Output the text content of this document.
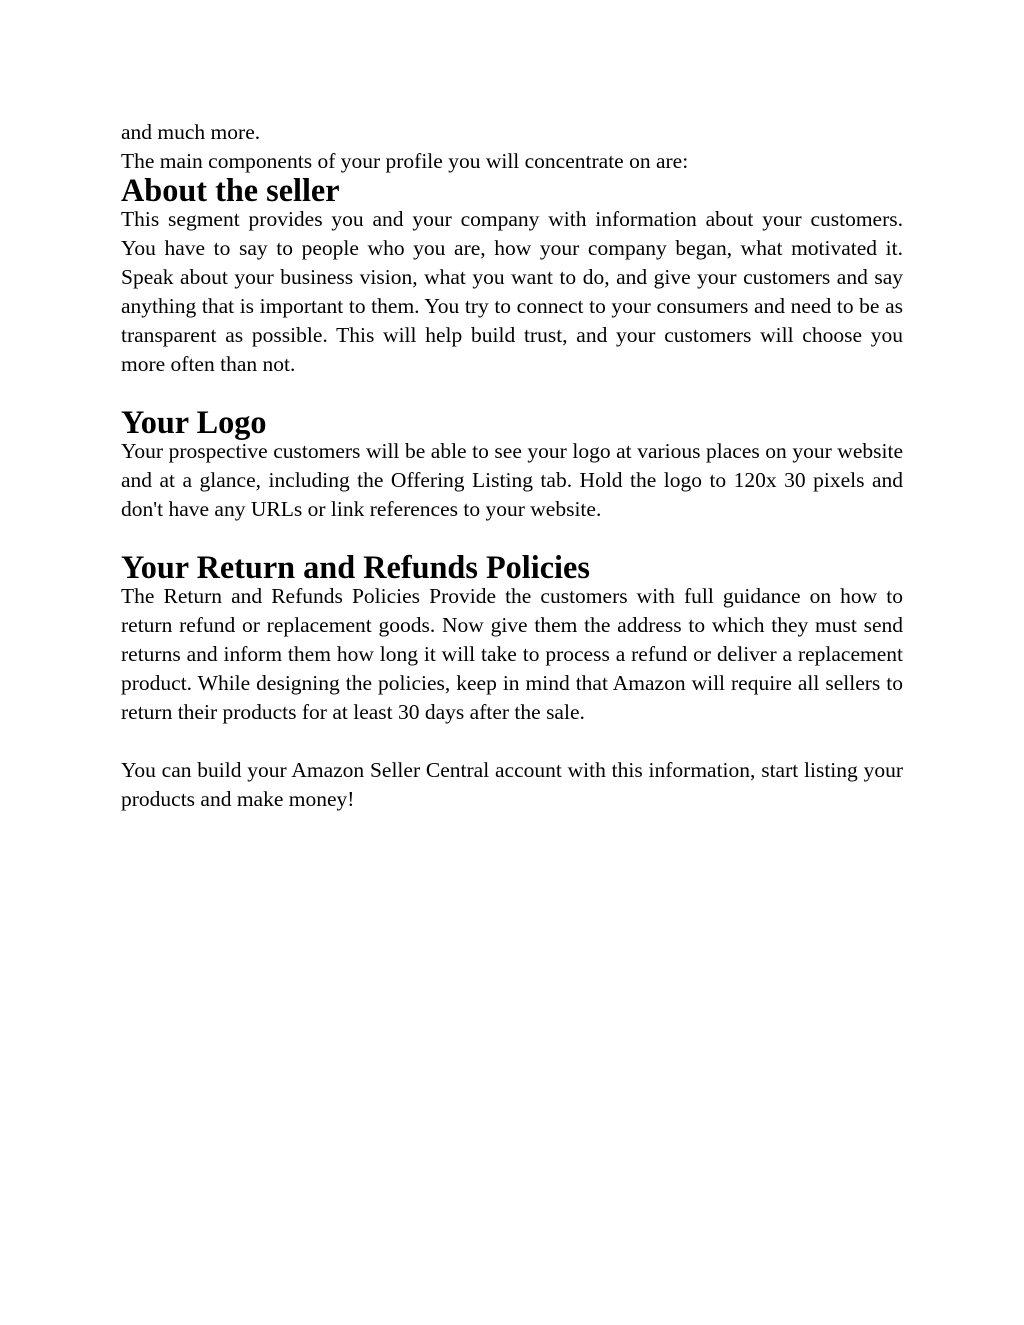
and much more.

The main components of your profile you will concentrate on are:

About the seller

This segment provides you and your company with information about your customers. You have to say to people who you are, how your company began, what motivated it. Speak about your business vision, what you want to do, and give your customers and say anything that is important to them. You try to connect to your consumers and need to be as transparent as possible. This will help build trust, and your customers will choose you more often than not.

Your Logo

Your prospective customers will be able to see your logo at various places on your website and at a glance, including the Offering Listing tab. Hold the logo to 120x 30 pixels and don't have any URLs or link references to your website.

Your Return and Refunds Policies

The Return and Refunds Policies Provide the customers with full guidance on how to return refund or replacement goods. Now give them the address to which they must send returns and inform them how long it will take to process a refund or deliver a replacement product. While designing the policies, keep in mind that Amazon will require all sellers to return their products for at least 30 days after the sale.

You can build your Amazon Seller Central account with this information, start listing your products and make money!
